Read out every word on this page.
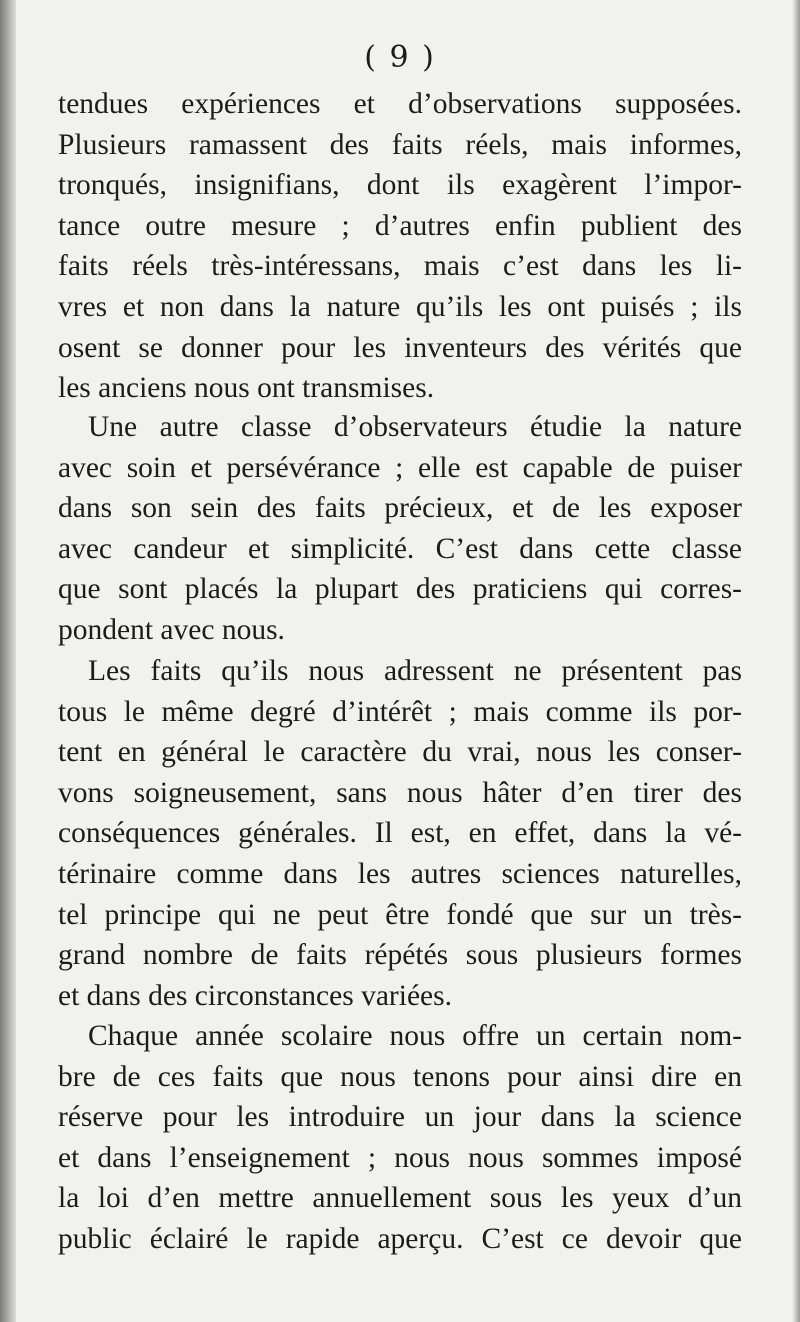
( 9 )
tendues expériences et d’observations supposées.
Plusieurs ramassent des faits réels, mais informes,
tronqués, insignifians, dont ils exagèrent l’impor-
tance outre mesure ; d’autres enfin publient des
faits réels très-intéressans, mais c’est dans les li-
vres et non dans la nature qu’ils les ont puisés ; ils
osent se donner pour les inventeurs des vérités que
les anciens nous ont transmises.
Une autre classe d’observateurs étudie la nature
avec soin et persévérance ; elle est capable de puiser
dans son sein des faits précieux, et de les exposer
avec candeur et simplicité. C’est dans cette classe
que sont placés la plupart des praticiens qui corres-
pondent avec nous.
Les faits qu’ils nous adressent ne présentent pas
tous le même degré d’intérêt ; mais comme ils por-
tent en général le caractère du vrai, nous les conser-
vons soigneusement, sans nous hâter d’en tirer des
conséquences générales. Il est, en effet, dans la vé-
térinaire comme dans les autres sciences naturelles,
tel principe qui ne peut être fondé que sur un très-
grand nombre de faits répétés sous plusieurs formes
et dans des circonstances variées.
Chaque année scolaire nous offre un certain nom-
bre de ces faits que nous tenons pour ainsi dire en
réserve pour les introduire un jour dans la science
et dans l’enseignement ; nous nous sommes imposé
la loi d’en mettre annuellement sous les yeux d’un
public éclairé le rapide aperçu. C’est ce devoir que
